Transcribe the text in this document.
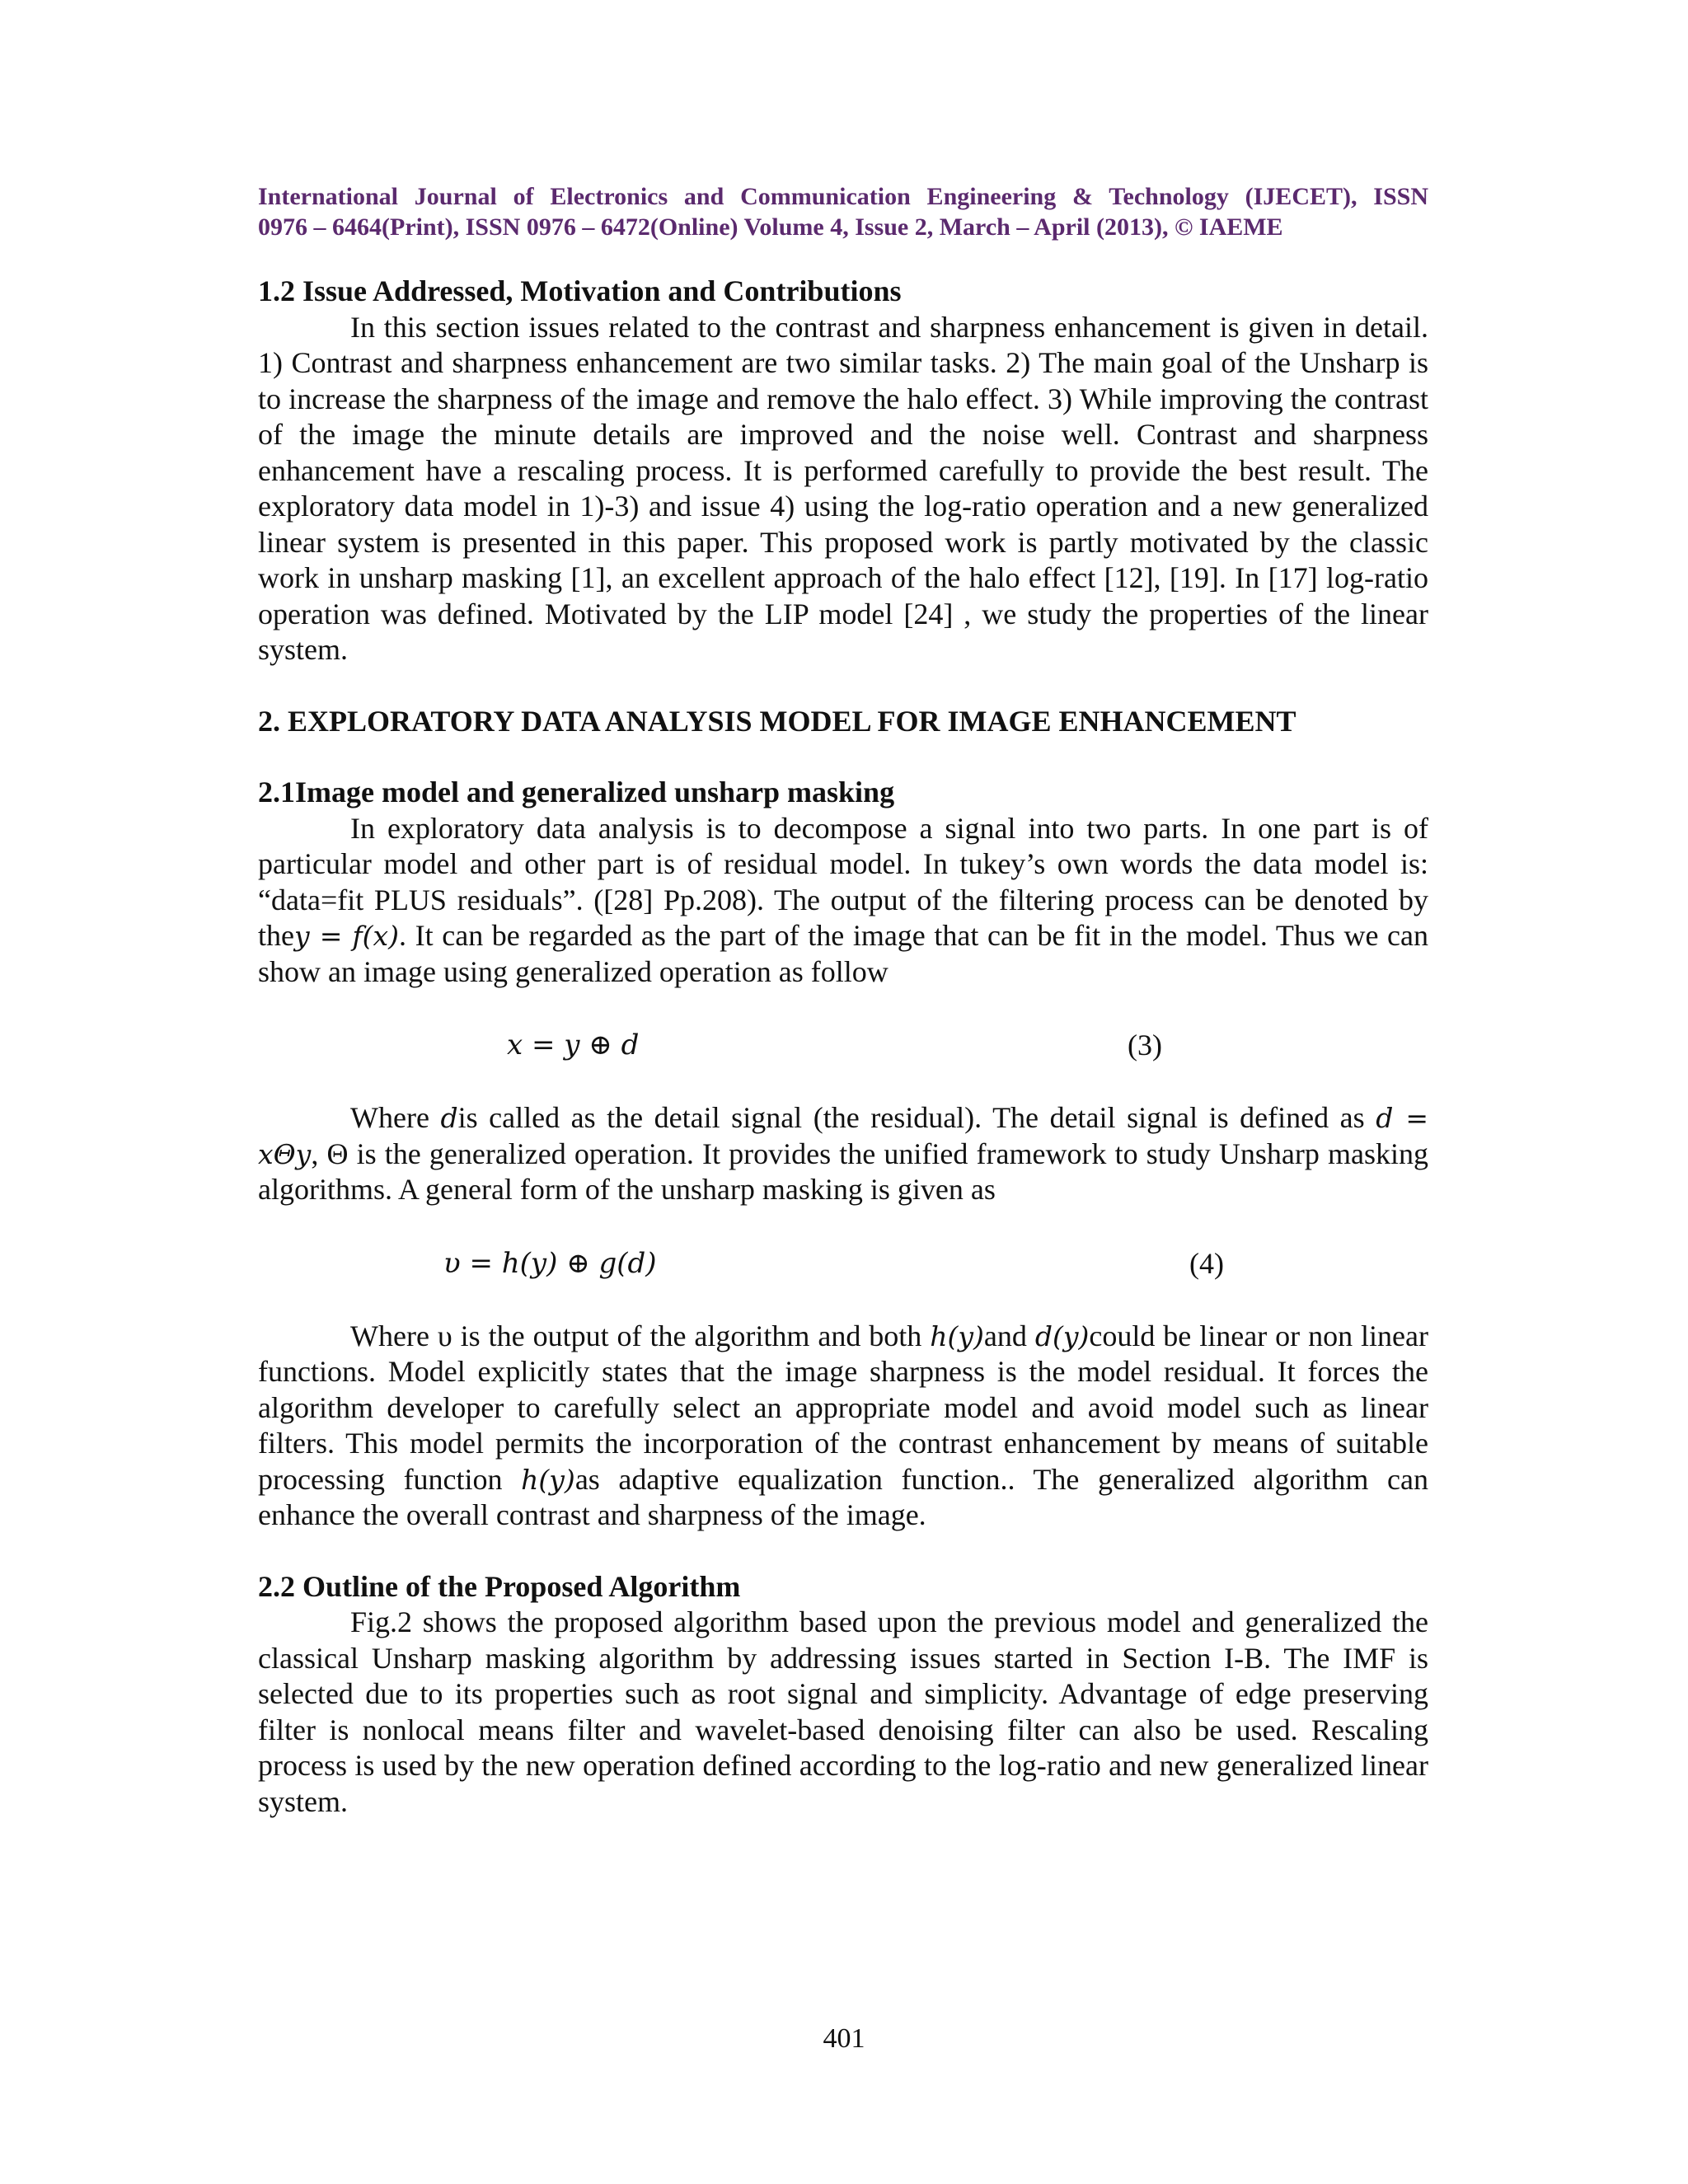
International Journal of Electronics and Communication Engineering & Technology (IJECET), ISSN
0976 – 6464(Print), ISSN 0976 – 6472(Online) Volume 4, Issue 2, March – April (2013), © IAEME
1.2 Issue Addressed, Motivation and Contributions

In this section issues related to the contrast and sharpness enhancement is given in detail. 1) Contrast and sharpness enhancement are two similar tasks. 2) The main goal of the Unsharp is to increase the sharpness of the image and remove the halo effect. 3) While improving the contrast of the image the minute details are improved and the noise well. Contrast and sharpness enhancement have a rescaling process. It is performed carefully to provide the best result. The exploratory data model in 1)-3) and issue 4) using the log-ratio operation and a new generalized linear system is presented in this paper. This proposed work is partly motivated by the classic work in unsharp masking [1], an excellent approach of the halo effect [12], [19]. In [17] log-ratio operation was defined. Motivated by the LIP model [24] , we study the properties of the linear system.

2. EXPLORATORY DATA ANALYSIS MODEL FOR IMAGE ENHANCEMENT
2.1Image model and generalized unsharp masking

In exploratory data analysis is to decompose a signal into two parts. In one part is of particular model and other part is of residual model. In tukey’s own words the data model is: “data=fit PLUS residuals”. ([28] Pp.208). The output of the filtering process can be denoted by they = f(x). It can be regarded as the part of the image that can be fit in the model. Thus we can show an image using generalized operation as follow

x = y ⊕ d	(3)

Where dis called as the detail signal (the residual). The detail signal is defined as d = xΘy, Θ is the generalized operation. It provides the unified framework to study Unsharp masking algorithms. A general form of the unsharp masking is given as

υ = h(y) ⊕ g(d)	(4)

Where υ is the output of the algorithm and both h(y)and d(y)could be linear or non linear functions. Model explicitly states that the image sharpness is the model residual. It forces the algorithm developer to carefully select an appropriate model and avoid model such as linear filters. This model permits the incorporation of the contrast enhancement by means of suitable processing function h(y)as adaptive equalization function.. The generalized algorithm can enhance the overall contrast and sharpness of the image.

2.2 Outline of the Proposed Algorithm

Fig.2 shows the proposed algorithm based upon the previous model and generalized the classical Unsharp masking algorithm by addressing issues started in Section I-B. The IMF is selected due to its properties such as root signal and simplicity. Advantage of edge preserving filter is nonlocal means filter and wavelet-based denoising filter can also be used. Rescaling process is used by the new operation defined according to the log-ratio and new generalized linear system.

401
